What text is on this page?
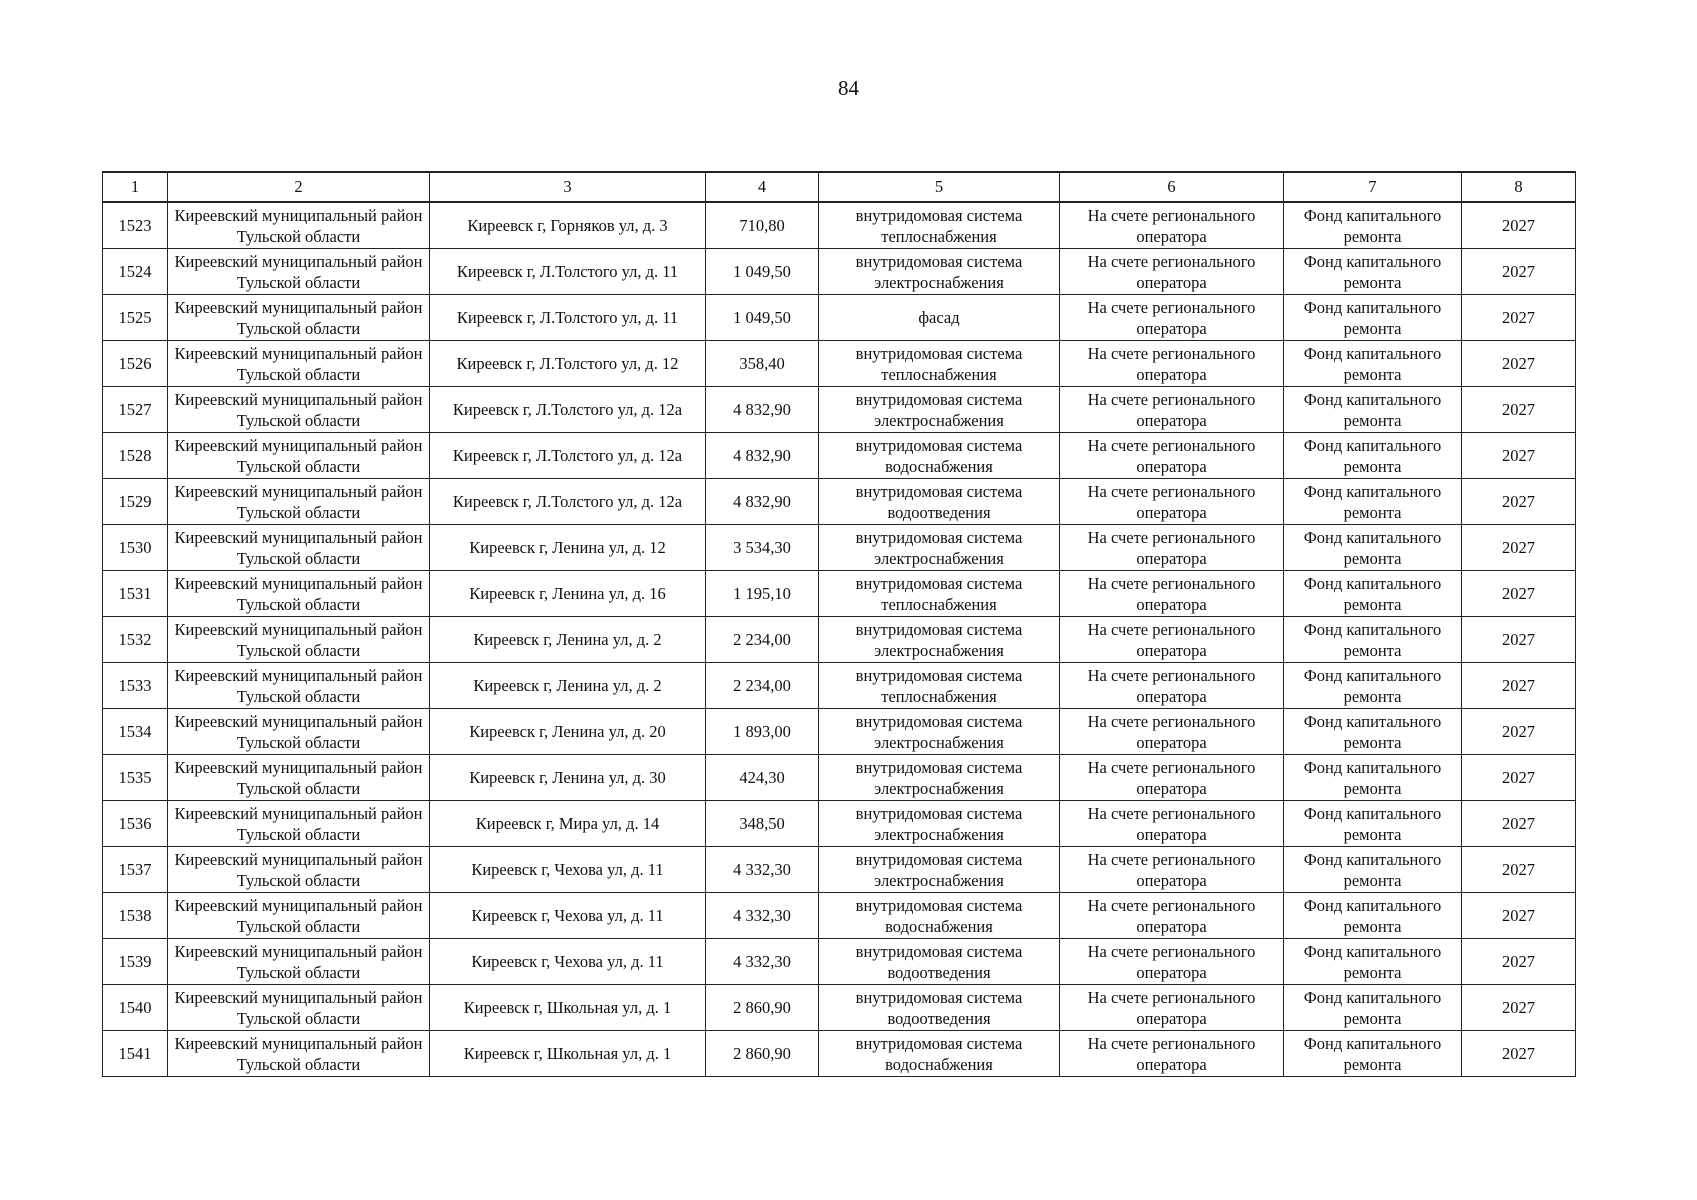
84
1	2	3	4	5	6	7	8
1523	Киреевский муниципальный район Тульской области	Киреевск г, Горняков ул, д. 3	710,80	внутридомовая система теплоснабжения	На счете регионального оператора	Фонд капитального ремонта	2027
1524	Киреевский муниципальный район Тульской области	Киреевск г, Л.Толстого ул, д. 11	1 049,50	внутридомовая система электроснабжения	На счете регионального оператора	Фонд капитального ремонта	2027
1525	Киреевский муниципальный район Тульской области	Киреевск г, Л.Толстого ул, д. 11	1 049,50	фасад	На счете регионального оператора	Фонд капитального ремонта	2027
1526	Киреевский муниципальный район Тульской области	Киреевск г, Л.Толстого ул, д. 12	358,40	внутридомовая система теплоснабжения	На счете регионального оператора	Фонд капитального ремонта	2027
1527	Киреевский муниципальный район Тульской области	Киреевск г, Л.Толстого ул, д. 12а	4 832,90	внутридомовая система электроснабжения	На счете регионального оператора	Фонд капитального ремонта	2027
1528	Киреевский муниципальный район Тульской области	Киреевск г, Л.Толстого ул, д. 12а	4 832,90	внутридомовая система водоснабжения	На счете регионального оператора	Фонд капитального ремонта	2027
1529	Киреевский муниципальный район Тульской области	Киреевск г, Л.Толстого ул, д. 12а	4 832,90	внутридомовая система водоотведения	На счете регионального оператора	Фонд капитального ремонта	2027
1530	Киреевский муниципальный район Тульской области	Киреевск г, Ленина ул, д. 12	3 534,30	внутридомовая система электроснабжения	На счете регионального оператора	Фонд капитального ремонта	2027
1531	Киреевский муниципальный район Тульской области	Киреевск г, Ленина ул, д. 16	1 195,10	внутридомовая система теплоснабжения	На счете регионального оператора	Фонд капитального ремонта	2027
1532	Киреевский муниципальный район Тульской области	Киреевск г, Ленина ул, д. 2	2 234,00	внутридомовая система электроснабжения	На счете регионального оператора	Фонд капитального ремонта	2027
1533	Киреевский муниципальный район Тульской области	Киреевск г, Ленина ул, д. 2	2 234,00	внутридомовая система теплоснабжения	На счете регионального оператора	Фонд капитального ремонта	2027
1534	Киреевский муниципальный район Тульской области	Киреевск г, Ленина ул, д. 20	1 893,00	внутридомовая система электроснабжения	На счете регионального оператора	Фонд капитального ремонта	2027
1535	Киреевский муниципальный район Тульской области	Киреевск г, Ленина ул, д. 30	424,30	внутридомовая система электроснабжения	На счете регионального оператора	Фонд капитального ремонта	2027
1536	Киреевский муниципальный район Тульской области	Киреевск г, Мира ул, д. 14	348,50	внутридомовая система электроснабжения	На счете регионального оператора	Фонд капитального ремонта	2027
1537	Киреевский муниципальный район Тульской области	Киреевск г, Чехова ул, д. 11	4 332,30	внутридомовая система электроснабжения	На счете регионального оператора	Фонд капитального ремонта	2027
1538	Киреевский муниципальный район Тульской области	Киреевск г, Чехова ул, д. 11	4 332,30	внутридомовая система водоснабжения	На счете регионального оператора	Фонд капитального ремонта	2027
1539	Киреевский муниципальный район Тульской области	Киреевск г, Чехова ул, д. 11	4 332,30	внутридомовая система водоотведения	На счете регионального оператора	Фонд капитального ремонта	2027
1540	Киреевский муниципальный район Тульской области	Киреевск г, Школьная ул, д. 1	2 860,90	внутридомовая система водоотведения	На счете регионального оператора	Фонд капитального ремонта	2027
1541	Киреевский муниципальный район Тульской области	Киреевск г, Школьная ул, д. 1	2 860,90	внутридомовая система водоснабжения	На счете регионального оператора	Фонд капитального ремонта	2027
